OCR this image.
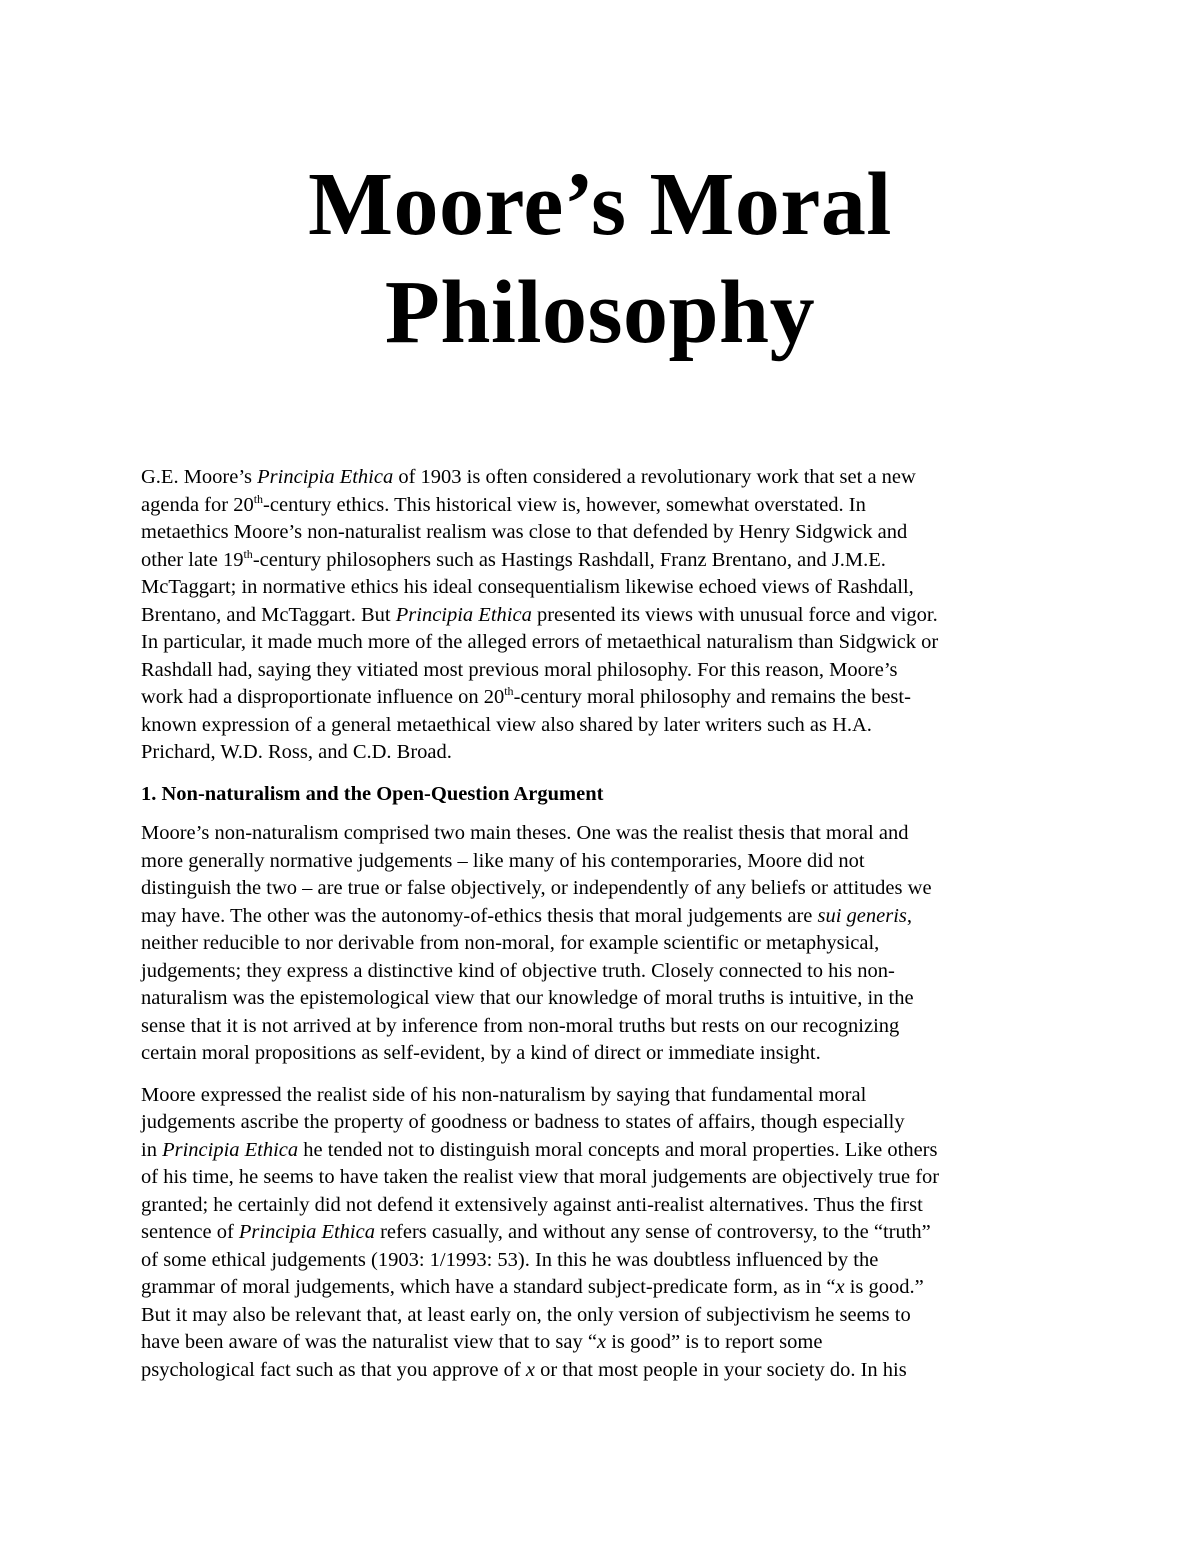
Moore’s Moral
Philosophy

G.E. Moore’s Principia Ethica of 1903 is often considered a revolutionary work that set a new
agenda for 20th-century ethics. This historical view is, however, somewhat overstated. In
metaethics Moore’s non-naturalist realism was close to that defended by Henry Sidgwick and
other late 19th-century philosophers such as Hastings Rashdall, Franz Brentano, and J.M.E.
McTaggart; in normative ethics his ideal consequentialism likewise echoed views of Rashdall,
Brentano, and McTaggart. But Principia Ethica presented its views with unusual force and vigor.
In particular, it made much more of the alleged errors of metaethical naturalism than Sidgwick or
Rashdall had, saying they vitiated most previous moral philosophy. For this reason, Moore’s
work had a disproportionate influence on 20th-century moral philosophy and remains the best-
known expression of a general metaethical view also shared by later writers such as H.A.
Prichard, W.D. Ross, and C.D. Broad.

1. Non-naturalism and the Open-Question Argument

Moore’s non-naturalism comprised two main theses. One was the realist thesis that moral and
more generally normative judgements – like many of his contemporaries, Moore did not
distinguish the two – are true or false objectively, or independently of any beliefs or attitudes we
may have. The other was the autonomy-of-ethics thesis that moral judgements are sui generis,
neither reducible to nor derivable from non-moral, for example scientific or metaphysical,
judgements; they express a distinctive kind of objective truth. Closely connected to his non-
naturalism was the epistemological view that our knowledge of moral truths is intuitive, in the
sense that it is not arrived at by inference from non-moral truths but rests on our recognizing
certain moral propositions as self-evident, by a kind of direct or immediate insight.

Moore expressed the realist side of his non-naturalism by saying that fundamental moral
judgements ascribe the property of goodness or badness to states of affairs, though especially
in Principia Ethica he tended not to distinguish moral concepts and moral properties. Like others
of his time, he seems to have taken the realist view that moral judgements are objectively true for
granted; he certainly did not defend it extensively against anti-realist alternatives. Thus the first
sentence of Principia Ethica refers casually, and without any sense of controversy, to the “truth”
of some ethical judgements (1903: 1/1993: 53). In this he was doubtless influenced by the
grammar of moral judgements, which have a standard subject-predicate form, as in “x is good.”
But it may also be relevant that, at least early on, the only version of subjectivism he seems to
have been aware of was the naturalist view that to say “x is good” is to report some
psychological fact such as that you approve of x or that most people in your society do. In his
